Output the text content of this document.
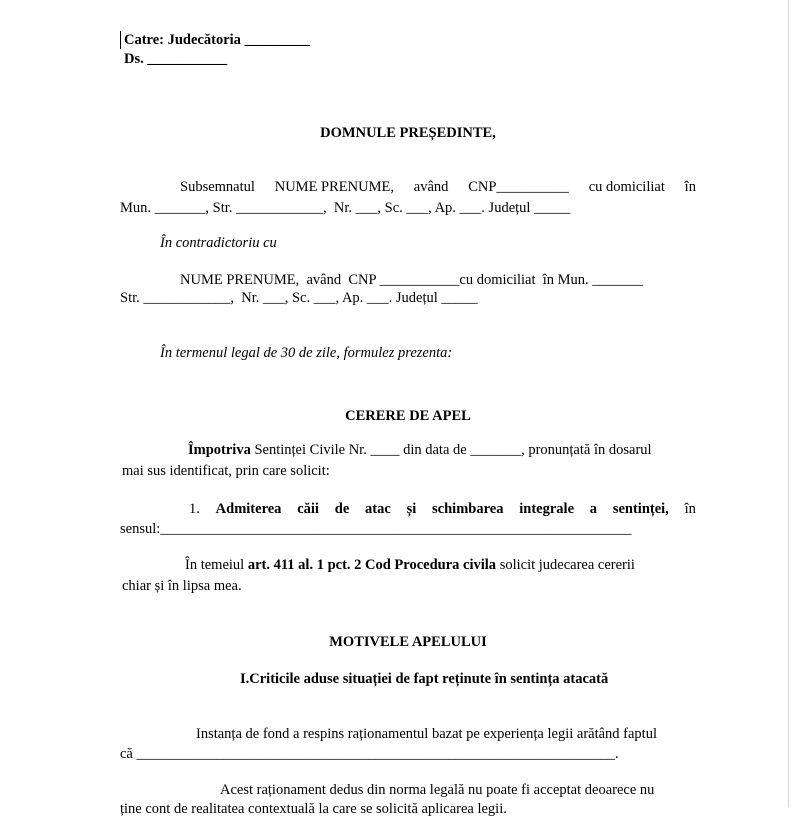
Catre: Judecătoria _________
Ds. ___________
DOMNULE PREȘEDINTE,
Subsemnatul NUME PRENUME, având CNP__________ cu domiciliat în
Mun. _______, Str. ____________,  Nr. ___, Sc. ___, Ap. ___. Județul _____
În contradictoriu cu
NUME PRENUME,  având  CNP ___________cu domiciliat  în Mun. _______
Str. ____________,  Nr. ___, Sc. ___, Ap. ___. Județul _____
În termenul legal de 30 de zile, formulez prezenta:
CERERE DE APEL
Împotriva Sentinței Civile Nr. ____ din data de _______, pronunțată în dosarul
mai sus identificat, prin care solicit:
1. Admiterea căii de atac și schimbarea integrale a sentinței, în
sensul:_________________________________________________________________
În temeiul art. 411 al. 1 pct. 2 Cod Procedura civila solicit judecarea cererii
chiar și în lipsa mea.
MOTIVELE APELULUI
I.Criticile aduse situației de fapt reținute în sentința atacată
Instanța de fond a respins raționamentul bazat pe experiența legii arătând faptul
că __________________________________________________________________.
Acest raționament dedus din norma legală nu poate fi acceptat deoarece nu
ține cont de realitatea contextuală la care se solicită aplicarea legii.
